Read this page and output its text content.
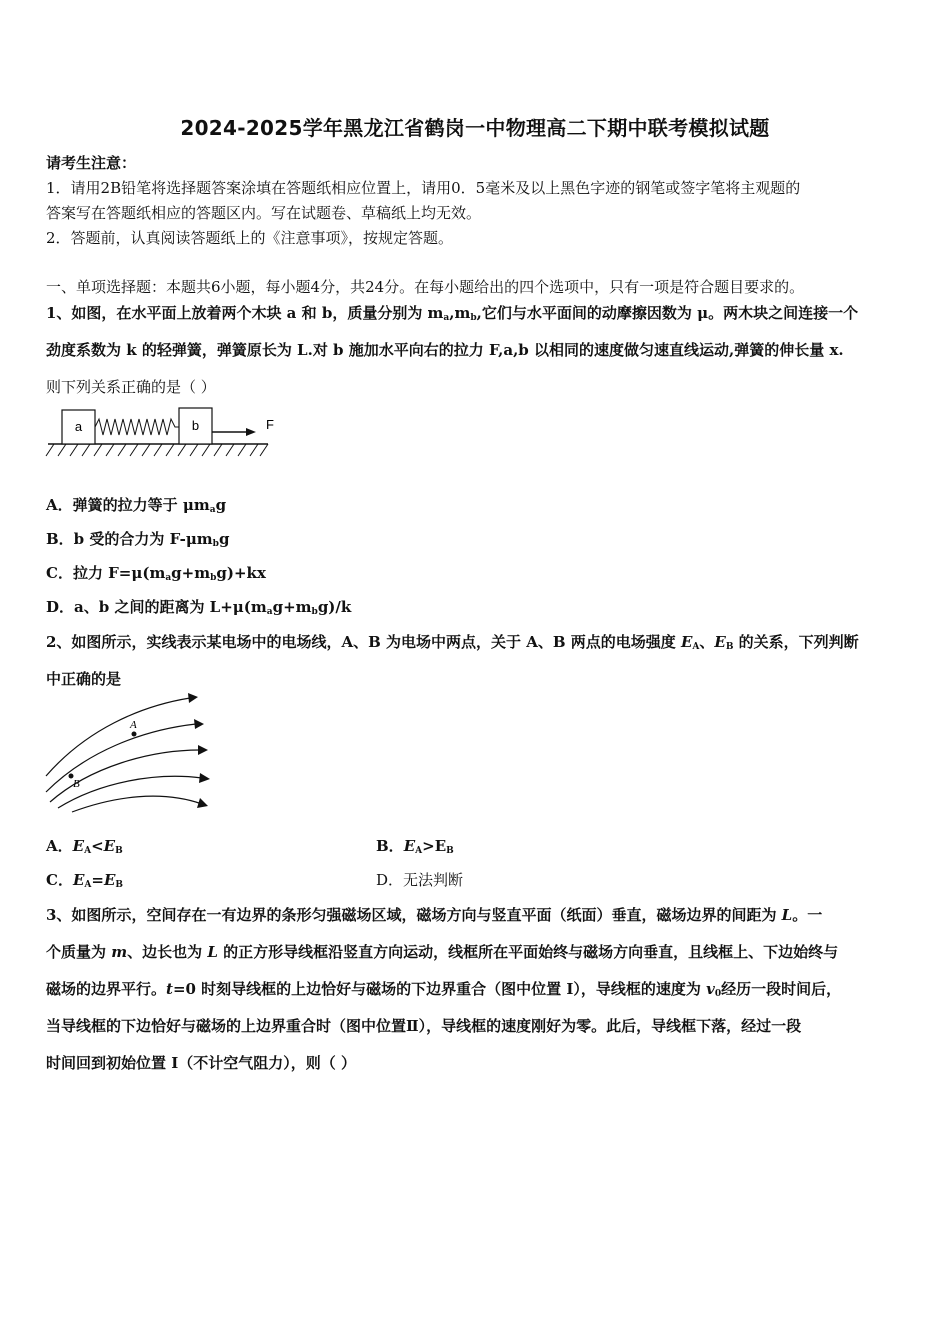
2024-2025学年黑龙江省鹤岗一中物理高二下期中联考模拟试题
请考生注意：
1．请用2B铅笔将选择题答案涂填在答题纸相应位置上，请用0．5毫米及以上黑色字迹的钢笔或签字笔将主观题的
答案写在答题纸相应的答题区内。写在试题卷、草稿纸上均无效。
2．答题前，认真阅读答题纸上的《注意事项》，按规定答题。
一、单项选择题：本题共6小题，每小题4分，共24分。在每小题给出的四个选项中，只有一项是符合题目要求的。
1、如图，在水平面上放着两个木块 a 和 b，质量分别为 $m_a,m_b$,它们与水平面间的动摩擦因数为 μ。两木块之间连接一个
劲度系数为 k 的轻弹簧，弹簧原长为 L.对 b 施加水平向右的拉力 F,a,b 以相同的速度做匀速直线运动,弹簧的伸长量 x.
则下列关系正确的是（ ）
a	b	F
A．弹簧的拉力等于 $\mu m_ag$
B．b 受的合力为 $F-\mu m_bg$
C．拉力 $F=\mu(m_ag+m_bg)+kx$
D．a、b 之间的距离为 $L+\mu(m_ag+m_bg)/k$
2、如图所示，实线表示某电场中的电场线，A、B 为电场中两点，关于 A、B 两点的电场强度 $E_A$、$E_B$ 的关系，下列判断
中正确的是
A
B
A．$E_A<E_B$	B．$E_A>E_B$
C．$E_A=E_B$	D．无法判断
3、如图所示，空间存在一有边界的条形匀强磁场区域，磁场方向与竖直平面（纸面）垂直，磁场边界的间距为 L。一
个质量为 m、边长也为 L 的正方形导线框沿竖直方向运动，线框所在平面始终与磁场方向垂直，且线框上、下边始终与
磁场的边界平行。t=0 时刻导线框的上边恰好与磁场的下边界重合（图中位置 I），导线框的速度为 $v_0$经历一段时间后，
当导线框的下边恰好与磁场的上边界重合时（图中位置Ⅱ），导线框的速度刚好为零。此后，导线框下落，经过一段
时间回到初始位置 I（不计空气阻力），则（ ）
